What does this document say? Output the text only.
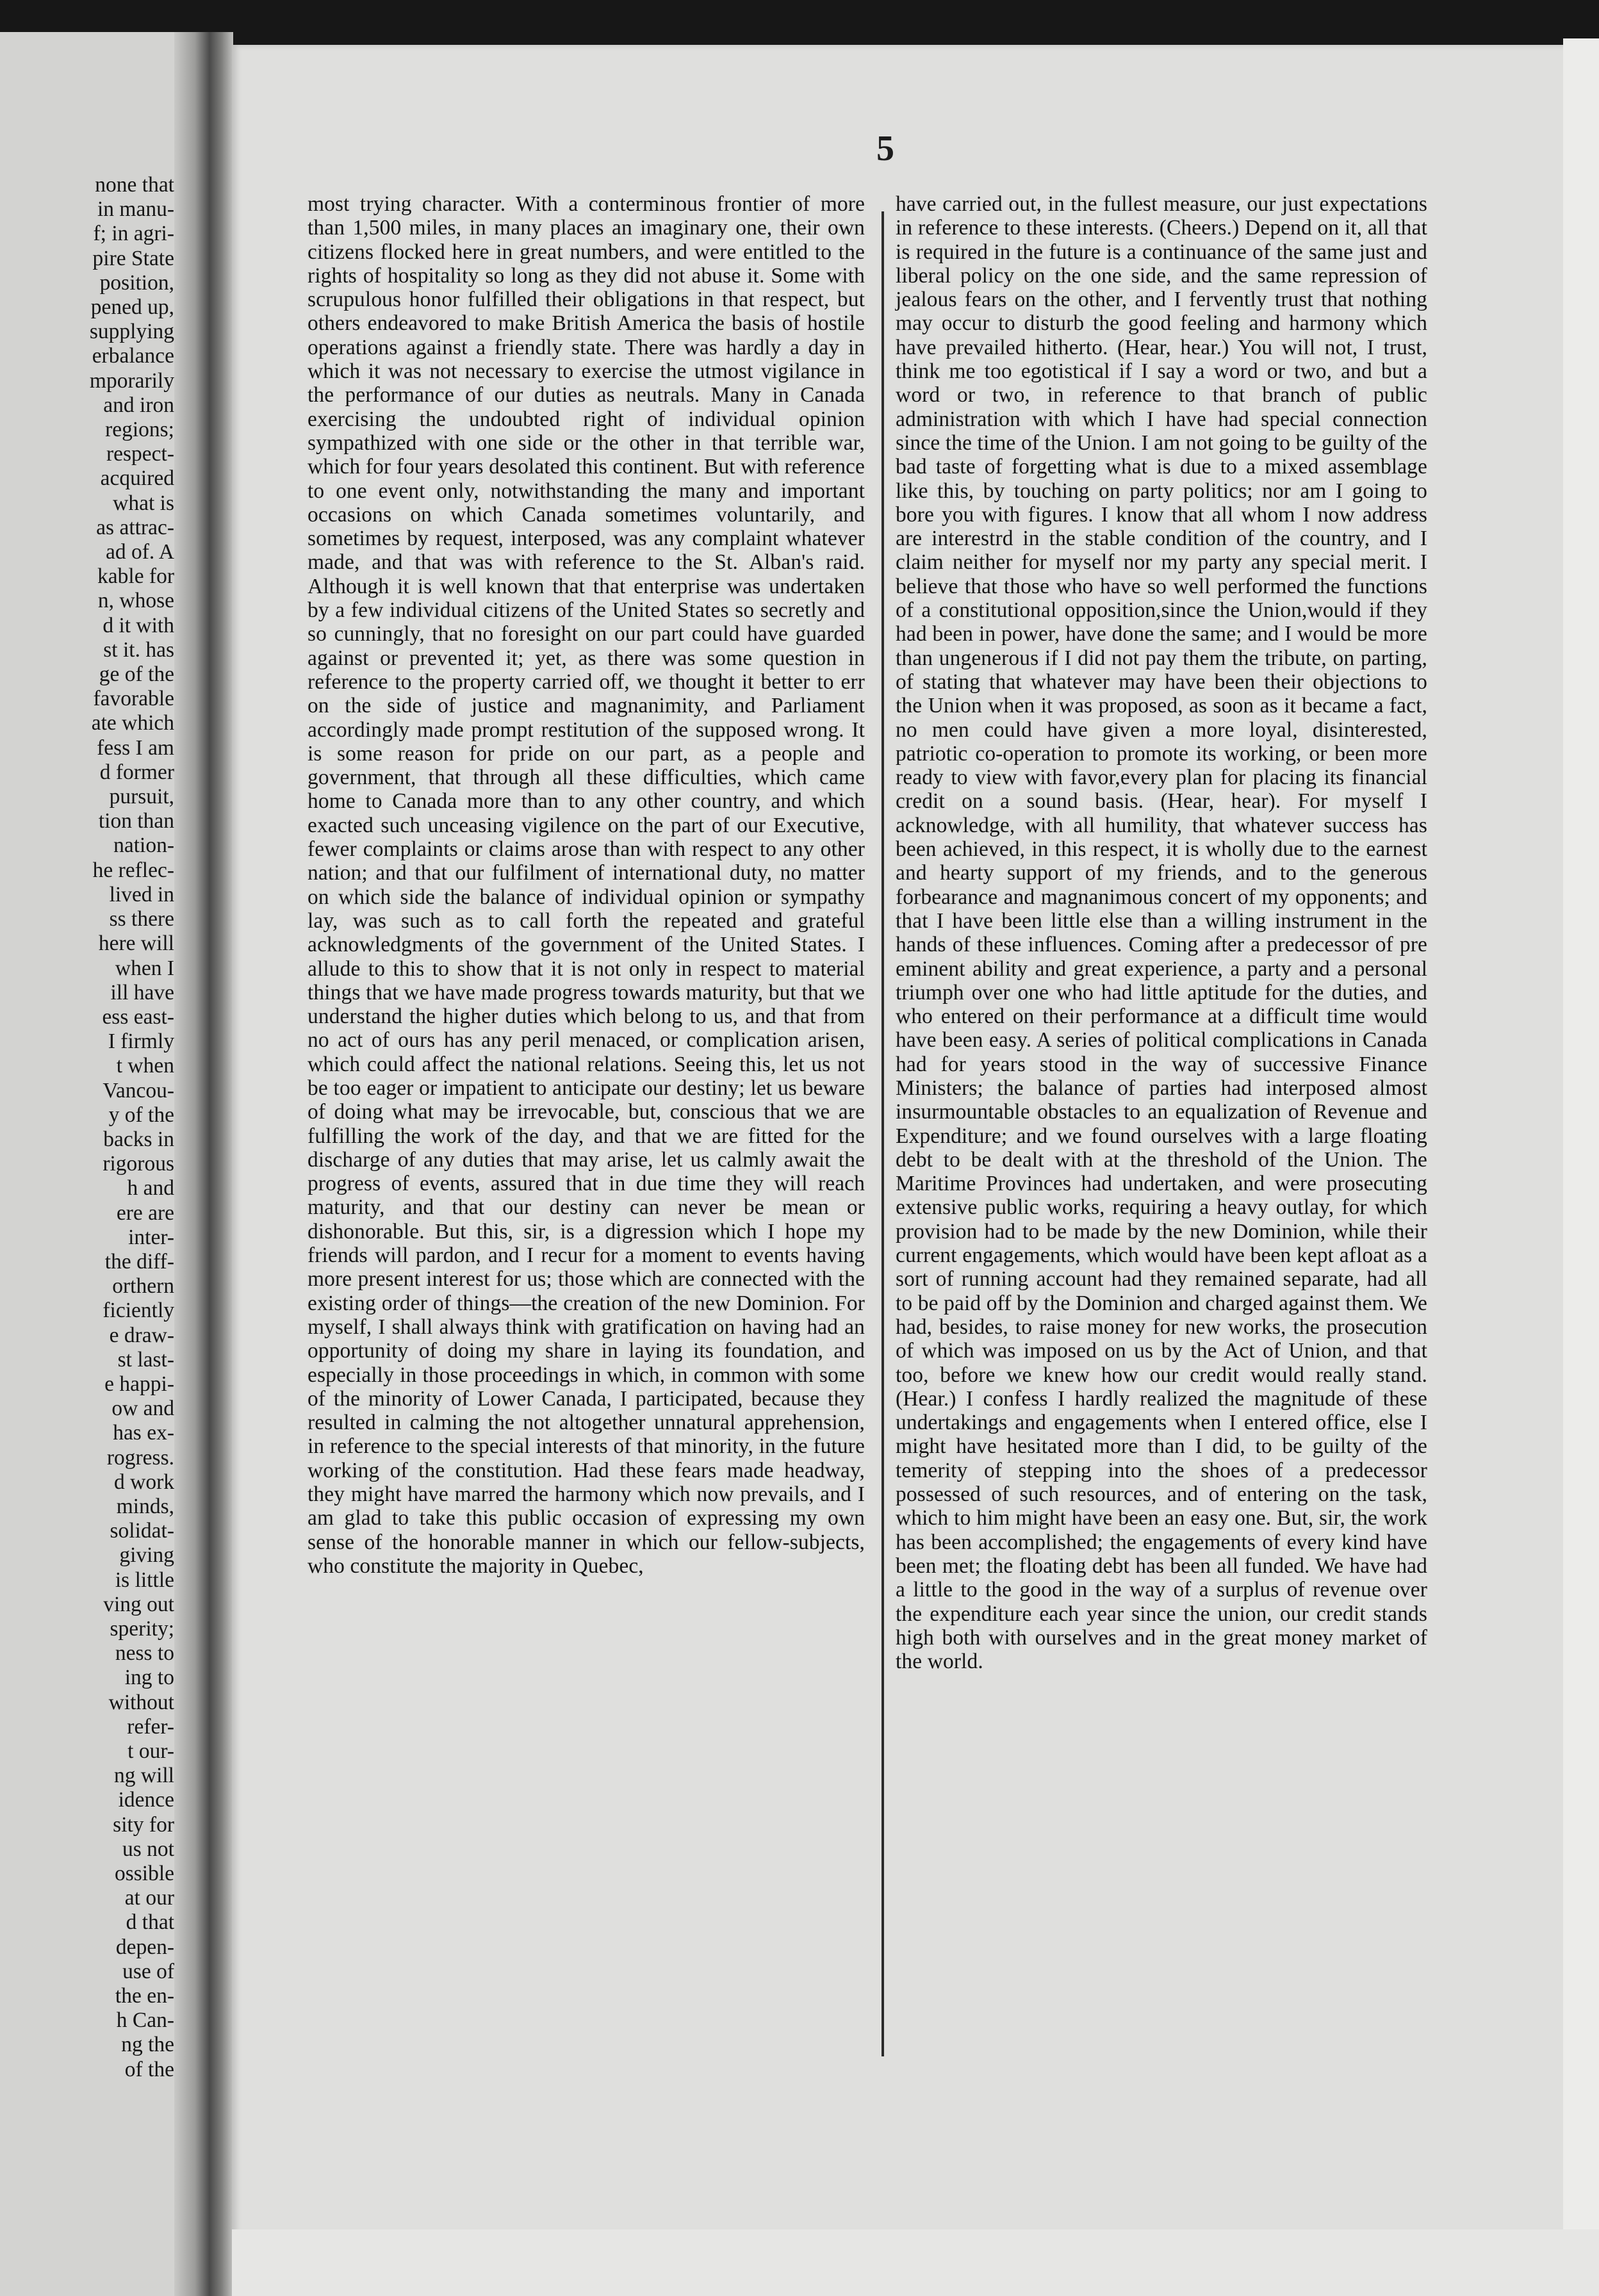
none that
in manu-
f; in agri-
pire State
position,
pened up,
supplying
erbalance
mporarily
and iron
regions;
respect-
acquired
what is
as attrac-
ad of. A
kable for
n, whose
d it with
st it. has
ge of the
favorable
ate which
fess I am
d former
pursuit,
tion than
nation-
he reflec-
lived in
ss there
here will
when I
ill have
ess east-
I firmly
t when
Vancou-
y of the
backs in
rigorous
h and
ere are
inter-
the diff-
orthern
ficiently
e draw-
st last-
e happi-
ow and
has ex-
rogress.
d work
minds,
solidat-
giving
is little
ving out
sperity;
ness to
ing to
without
refer-
t our-
ng will
idence
sity for
us not
ossible
at our
d that
depen-
use of
the en-
h Can-
ng the
of the
5

most trying character. With a conterminous frontier of more than 1,500 miles, in many places an imaginary one, their own citizens flocked here in great numbers, and were entitled to the rights of hospitality so long as they did not abuse it. Some with scrupulous honor fulfilled their obligations in that respect, but others endeavored to make British America the basis of hostile operations against a friendly state. There was hardly a day in which it was not necessary to exercise the utmost vigilance in the performance of our duties as neutrals. Many in Canada exercising the undoubted right of individual opinion sympathized with one side or the other in that terrible war, which for four years desolated this continent. But with reference to one event only, notwithstanding the many and important occasions on which Canada sometimes voluntarily, and sometimes by request, interposed, was any complaint whatever made, and that was with reference to the St. Alban's raid. Although it is well known that that enterprise was undertaken by a few individual citizens of the United States so secretly and so cunningly, that no foresight on our part could have guarded against or prevented it; yet, as there was some question in reference to the property carried off, we thought it better to err on the side of justice and magnanimity, and Parliament accordingly made prompt restitution of the supposed wrong. It is some reason for pride on our part, as a people and government, that through all these difficulties, which came home to Canada more than to any other country, and which exacted such unceasing vigilence on the part of our Executive, fewer complaints or claims arose than with respect to any other nation; and that our fulfilment of international duty, no matter on which side the balance of individual opinion or sympathy lay, was such as to call forth the repeated and grateful acknowledgments of the government of the United States. I allude to this to show that it is not only in respect to material things that we have made progress towards maturity, but that we understand the higher duties which belong to us, and that from no act of ours has any peril menaced, or complication arisen, which could affect the national relations. Seeing this, let us not be too eager or impatient to anticipate our destiny; let us beware of doing what may be irrevocable, but, conscious that we are fulfilling the work of the day, and that we are fitted for the discharge of any duties that may arise, let us calmly await the progress of events, assured that in due time they will reach maturity, and that our destiny can never be mean or dishonorable. But this, sir, is a digression which I hope my friends will pardon, and I recur for a moment to events having more present interest for us; those which are connected with the existing order of things—the creation of the new Dominion. For myself, I shall always think with gratification on having had an opportunity of doing my share in laying its foundation, and especially in those proceedings in which, in common with some of the minority of Lower Canada, I participated, because they resulted in calming the not altogether unnatural apprehension, in reference to the special interests of that minority, in the future working of the constitution. Had these fears made headway, they might have marred the harmony which now prevails, and I am glad to take this public occasion of expressing my own sense of the honorable manner in which our fellow-subjects, who constitute the majority in Quebec,

have carried out, in the fullest measure, our just expectations in reference to these interests. (Cheers.) Depend on it, all that is required in the future is a continuance of the same just and liberal policy on the one side, and the same repression of jealous fears on the other, and I fervently trust that nothing may occur to disturb the good feeling and harmony which have prevailed hitherto. (Hear, hear.) You will not, I trust, think me too egotistical if I say a word or two, and but a word or two, in reference to that branch of public administration with which I have had special connection since the time of the Union. I am not going to be guilty of the bad taste of forgetting what is due to a mixed assemblage like this, by touching on party politics; nor am I going to bore you with figures. I know that all whom I now address are interestrd in the stable condition of the country, and I claim neither for myself nor my party any special merit. I believe that those who have so well performed the functions of a constitutional opposition,since the Union,would if they had been in power, have done the same; and I would be more than ungenerous if I did not pay them the tribute, on parting, of stating that whatever may have been their objections to the Union when it was proposed, as soon as it became a fact, no men could have given a more loyal, disinterested, patriotic co-operation to promote its working, or been more ready to view with favor,every plan for placing its financial credit on a sound basis. (Hear, hear). For myself I acknowledge, with all humility, that whatever success has been achieved, in this respect, it is wholly due to the earnest and hearty support of my friends, and to the generous forbearance and magnanimous concert of my opponents; and that I have been little else than a willing instrument in the hands of these influences. Coming after a predecessor of pre eminent ability and great experience, a party and a personal triumph over one who had little aptitude for the duties, and who entered on their performance at a difficult time would have been easy. A series of political complications in Canada had for years stood in the way of successive Finance Ministers; the balance of parties had interposed almost insurmountable obstacles to an equalization of Revenue and Expenditure; and we found ourselves with a large floating debt to be dealt with at the threshold of the Union. The Maritime Provinces had undertaken, and were prosecuting extensive public works, requiring a heavy outlay, for which provision had to be made by the new Dominion, while their current engagements, which would have been kept afloat as a sort of running account had they remained separate, had all to be paid off by the Dominion and charged against them. We had, besides, to raise money for new works, the prosecution of which was imposed on us by the Act of Union, and that too, before we knew how our credit would really stand. (Hear.) I confess I hardly realized the magnitude of these undertakings and engagements when I entered office, else I might have hesitated more than I did, to be guilty of the temerity of stepping into the shoes of a predecessor possessed of such resources, and of entering on the task, which to him might have been an easy one. But, sir, the work has been accomplished; the engagements of every kind have been met; the floating debt has been all funded. We have had a little to the good in the way of a surplus of revenue over the expenditure each year since the union, our credit stands high both with ourselves and in the great money market of the world.
